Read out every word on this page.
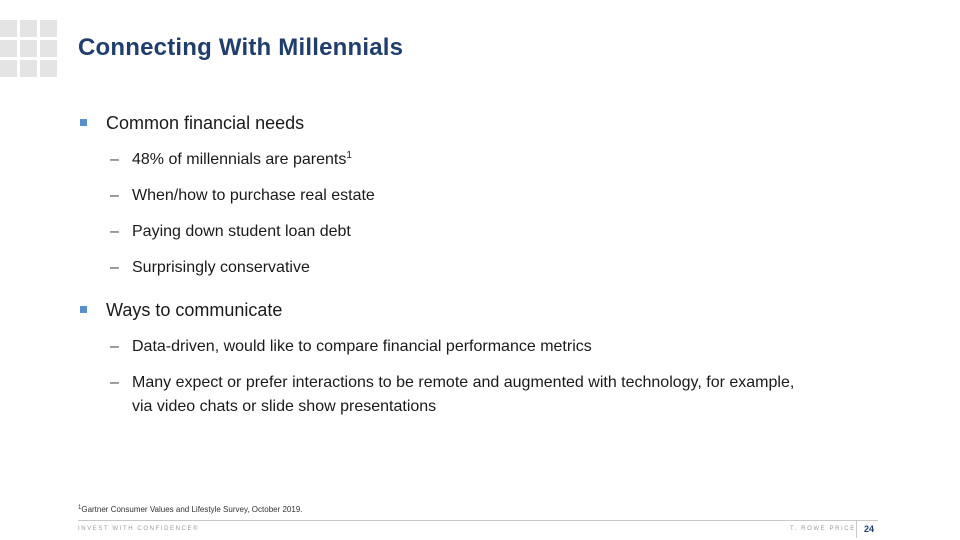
Connecting With Millennials
Common financial needs
– 48% of millennials are parents$^1$
– When/how to purchase real estate
– Paying down student loan debt
– Surprisingly conservative
Ways to communicate
– Data-driven, would like to compare financial performance metrics
– Many expect or prefer interactions to be remote and augmented with technology, for example, via video chats or slide show presentations
$^1$Gartner Consumer Values and Lifestyle Survey, October 2019.
INVEST WITH CONFIDENCE®	T. ROWE PRICE 24
